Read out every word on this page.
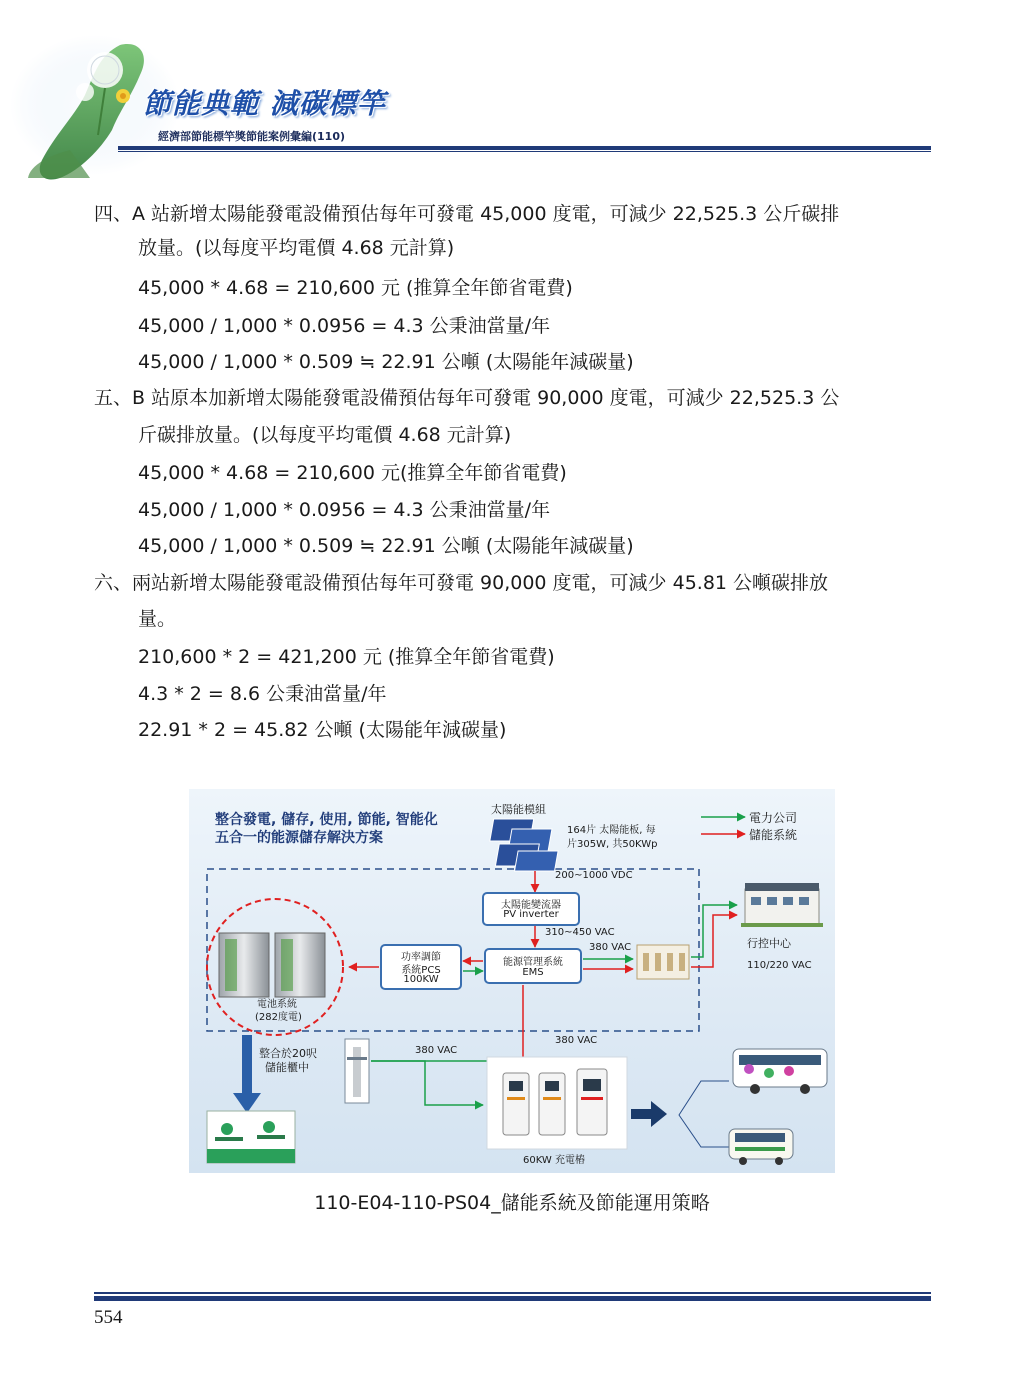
節能典範 減碳標竿
經濟部節能標竿獎節能案例彙編(110)
四、A 站新增太陽能發電設備預估每年可發電 45,000 度電，可減少 22,525.3 公斤碳排
放量。(以每度平均電價 4.68 元計算)
45,000 * 4.68 = 210,600 元 (推算全年節省電費)
45,000 / 1,000 * 0.0956 = 4.3 公秉油當量/年
45,000 / 1,000 * 0.509 ≒ 22.91 公噸 (太陽能年減碳量)
五、B 站原本加新增太陽能發電設備預估每年可發電 90,000 度電，可減少 22,525.3 公
斤碳排放量。(以每度平均電價 4.68 元計算)
45,000 * 4.68 = 210,600 元(推算全年節省電費)
45,000 / 1,000 * 0.0956 = 4.3 公秉油當量/年
45,000 / 1,000 * 0.509 ≒ 22.91 公噸 (太陽能年減碳量)
六、兩站新增太陽能發電設備預估每年可發電 90,000 度電，可減少 45.81 公噸碳排放
量。
210,600 * 2 = 421,200 元 (推算全年節省電費)
4.3 * 2 = 8.6 公秉油當量/年
22.91 * 2 = 45.82 公噸 (太陽能年減碳量)
整合發電, 儲存, 使用, 節能, 智能化
五合一的能源儲存解決方案
太陽能模組
164片 太陽能板, 每
片305W, 共50KWp
電力公司
儲能系統
200~1000 VDC
太陽能變流器
PV inverter
310~450 VAC
380 VAC
功率調節
系統PCS
100KW
能源管理系統
EMS
電池系統
(282度電)
行控中心
110/220 VAC
整合於20呎
儲能櫃中
380 VAC
380 VAC
60KW 充電樁
110-E04-110-PS04_儲能系統及節能運用策略
554
